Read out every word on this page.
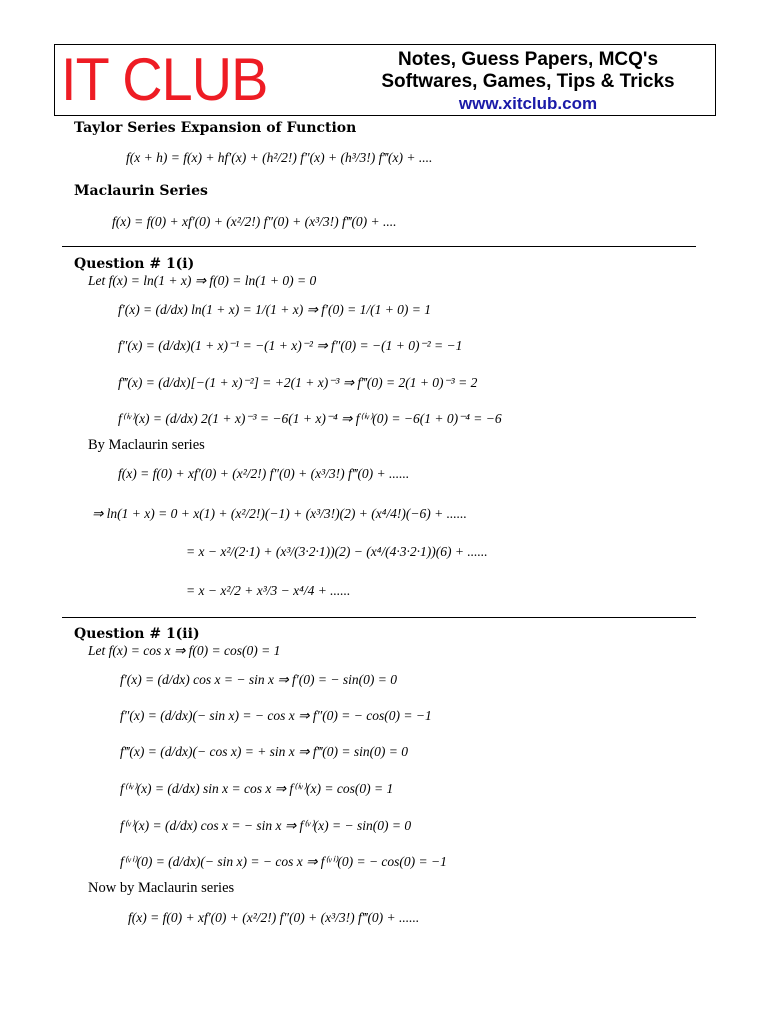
IT CLUB	Notes, Guess Papers, MCQ's
Softwares, Games, Tips & Tricks
www.xitclub.com
Taylor Series Expansion of Function
f(x + h) = f(x) + hf′(x) + (h²/2!) f″(x) + (h³/3!) f‴(x) + ....
Maclaurin Series
f(x) = f(0) + xf′(0) + (x²/2!) f″(0) + (x³/3!) f‴(0) + ....
Question # 1(i)
Let f(x) = ln(1 + x) ⇒ f(0) = ln(1 + 0) = 0
f′(x) = (d/dx) ln(1 + x) = 1/(1 + x) ⇒ f′(0) = 1/(1 + 0) = 1
f″(x) = (d/dx)(1 + x)⁻¹ = −(1 + x)⁻² ⇒ f″(0) = −(1 + 0)⁻² = −1
f‴(x) = (d/dx)[−(1 + x)⁻²] = +2(1 + x)⁻³ ⇒ f‴(0) = 2(1 + 0)⁻³ = 2
f⁽ⁱᵛ⁾(x) = (d/dx) 2(1 + x)⁻³ = −6(1 + x)⁻⁴ ⇒ f⁽ⁱᵛ⁾(0) = −6(1 + 0)⁻⁴ = −6
By Maclaurin series
f(x) = f(0) + xf′(0) + (x²/2!) f″(0) + (x³/3!) f‴(0) + ......
⇒ ln(1 + x) = 0 + x(1) + (x²/2!)(−1) + (x³/3!)(2) + (x⁴/4!)(−6) + ......
= x − x²/(2·1) + (x³/(3·2·1))(2) − (x⁴/(4·3·2·1))(6) + ......
= x − x²/2 + x³/3 − x⁴/4 + ......
Question # 1(ii)
Let f(x) = cos x ⇒ f(0) = cos(0) = 1
f′(x) = (d/dx) cos x = − sin x ⇒ f′(0) = − sin(0) = 0
f″(x) = (d/dx)(− sin x) = − cos x ⇒ f″(0) = − cos(0) = −1
f‴(x) = (d/dx)(− cos x) = + sin x ⇒ f‴(0) = sin(0) = 0
f⁽ⁱᵛ⁾(x) = (d/dx) sin x = cos x ⇒ f⁽ⁱᵛ⁾(x) = cos(0) = 1
f⁽ᵛ⁾(x) = (d/dx) cos x = − sin x ⇒ f⁽ᵛ⁾(x) = − sin(0) = 0
f⁽ᵛⁱ⁾(0) = (d/dx)(− sin x) = − cos x ⇒ f⁽ᵛⁱ⁾(0) = − cos(0) = −1
Now by Maclaurin series
f(x) = f(0) + xf′(0) + (x²/2!) f″(0) + (x³/3!) f‴(0) + ......
